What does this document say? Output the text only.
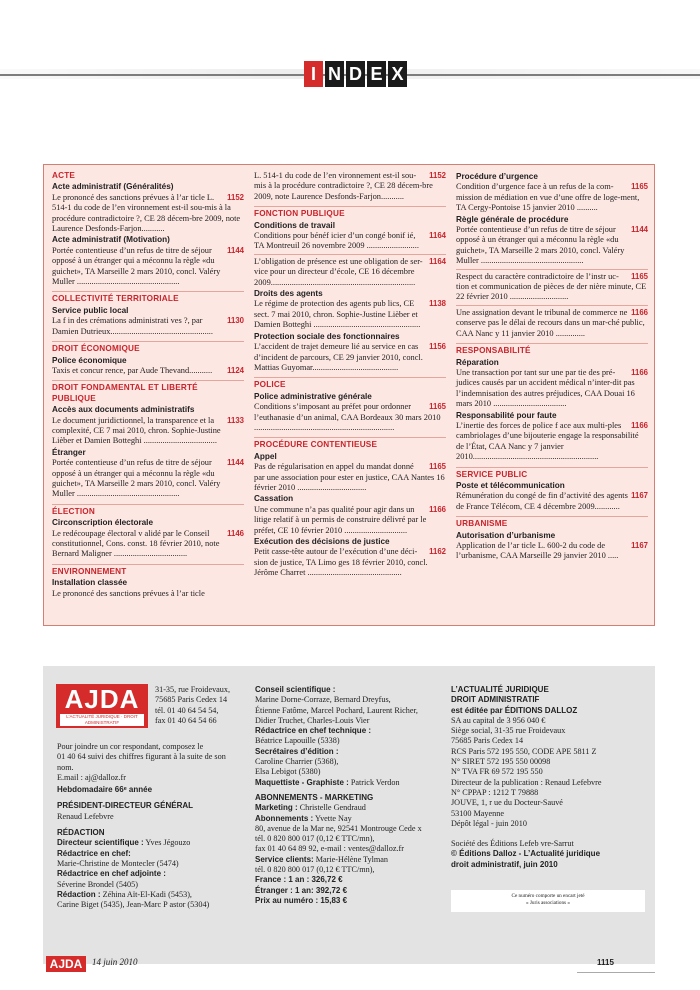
I N D E X
ACTE
Acte administratif (Généralités)
1152
Le prononcé des sanctions prévues à l’ar ticle L. 514-1 du code de l’en vironnement est-il sou-mis à la procédure contradictoire ?, CE 28 décem-bre 2009, note Laurence Desfonds-Farjon...........
Acte administratif (Motivation)
1144
Portée contentieuse d’un refus de titre de séjour opposé à un étranger qui a méconnu la règle «du guichet», TA Marseille 2 mars 2010, concl. Valéry Muller .................................................
COLLECTIVITÉ TERRITORIALE
Service public local
1130
La f in des crémations administrati ves ?, par Damien Dutrieux.................................................
DROIT ÉCONOMIQUE
Police économique
1124
Taxis et concur rence, par Aude Thevand...........
DROIT FONDAMENTAL ET LIBERTÉ PUBLIQUE
Accès aux documents administratifs
1133
Le document juridictionnel, la transparence et la complexité, CE 7 mai 2010, chron. Sophie-Justine Lièber et Damien Botteghi ...................................
Étranger
1144
Portée contentieuse d’un refus de titre de séjour opposé à un étranger qui a méconnu la règle «du guichet», TA Marseille 2 mars 2010, concl. Valéry Muller .................................................
ÉLECTION
Circonscription électorale
1146
Le redécoupage électoral v alidé par le Conseil constitutionnel, Cons. const. 18 février 2010, note Bernard Maligner ...................................
ENVIRONNEMENT
Installation classée
Le prononcé des sanctions prévues à l’ar ticle
1152
L. 514-1 du code de l’en vironnement est-il sou-mis à la procédure contradictoire ?, CE 28 décem-bre 2009, note Laurence Desfonds-Farjon...........
FONCTION PUBLIQUE
Conditions de travail
1164
Conditions pour bénéf icier d’un congé bonif ié, TA Montreuil 26 novembre 2009 .........................
1164
L’obligation de présence est une obligation de ser-vice pour un directeur d’école, CE 16 décembre 2009.....................................................................
Droits des agents
1138
Le régime de protection des agents pub lics, CE sect. 7 mai 2010, chron. Sophie-Justine Lièber et Damien Botteghi ...................................................
Protection sociale des fonctionnaires
1156
L’accident de trajet demeure lié au service en cas d’incident de parcours, CE 29 janvier 2010, concl. Mattias Guyomar.........................................
POLICE
Police administrative générale
1165
Conditions s’imposant au préfet pour ordonner l’euthanasie d’un animal, CAA Bordeaux 30 mars 2010 ...................................................................
PROCÉDURE CONTENTIEUSE
Appel
1165
Pas de régularisation en appel du mandat donné par une association pour ester en justice, CAA Nantes 16 février 2010 .................................
Cassation
1166
Une commune n’a pas qualité pour agir dans un litige relatif à un permis de construire délivré par le préfet, CE 10 février 2010 ..............................
Exécution des décisions de justice
1162
Petit casse-tête autour de l’exécution d’une déci-sion de justice, TA Limo ges 18 février 2010, concl. Jérôme Charret .............................................
Procédure d’urgence
1165
Condition d’urgence face à un refus de la com-mission de médiation en vue d’une offre de loge-ment, TA Cergy-Pontoise 15 janvier 2010 ..........
Règle générale de procédure
1144
Portée contentieuse d’un refus de titre de séjour opposé à un étranger qui a méconnu la règle «du guichet», TA Marseille 2 mars 2010, concl. Valéry Muller .................................................
1165
Respect du caractère contradictoire de l’instr uc-tion et communication de pièces de der nière minute, CE 22 février 2010 ............................
1166
Une assignation devant le tribunal de commerce ne conserve pas le délai de recours dans un mar-ché public, CAA Nanc y 11 janvier 2010 ..............
RESPONSABILITÉ
Réparation
1166
Une transaction por tant sur une par tie des pré-judices causés par un accident médical n’inter-dit pas l’indemnisation des autres préjudices, CAA Douai 16 mars 2010 ...................................
Responsabilité pour faute
1166
L’inertie des forces de police f ace aux multi-ples cambriolages d’une bijouterie engage la responsabilité de l’État, CAA Nanc y 7 janvier 2010............................................................
SERVICE PUBLIC
Poste et télécommunication
1167
Rémunération du congé de fin d’activité des agents de France Télécom, CE 4 décembre 2009............
URBANISME
Autorisation d’urbanisme
1167
Application de l’ar ticle L. 600-2 du code de l’urbanisme, CAA Marseille 29 janvier 2010 .....
AJDA
L’ACTUALITÉ JURIDIQUE · DROIT ADMINISTRATIF
31-35, rue Froidevaux,
75685 Paris Cedex 14
tél. 01 40 64 54 54,
fax 01 40 64 54 66
Pour joindre un cor respondant, composez le
01 40 64 suivi des chiffres figurant à la suite de son
nom.
E.mail : aj@dalloz.fr
Hebdomadaire 66ᵉ année
PRÉSIDENT-DIRECTEUR GÉNÉRAL
Renaud Lefebvre
RÉDACTION
Directeur scientifique : Yves Jégouzo
Rédactrice en chef:
Marie-Christine de Montecler (5474)
Rédactrice en chef adjointe :
Séverine Brondel (5405)
Rédaction : Zéhina Aït-El-Kadi (5453),
Carine Biget (5435), Jean-Marc P astor (5304)
Conseil scientifique :
Marine Dorne-Corraze, Bernard Dreyfus,
Étienne Fatôme, Marcel Pochard, Laurent Richer,
Didier Truchet, Charles-Louis Vier
Rédactrice en chef technique :
Béatrice Lapouille (5338)
Secrétaires d’édition :
Caroline Charrier (5368),
Elsa Lebigot (5380)
Maquettiste - Graphiste : Patrick Verdon
ABONNEMENTS - MARKETING
Marketing : Christelle Gendraud
Abonnements : Yvette Nay
80, avenue de la Mar ne, 92541 Montrouge Cede x
tél. 0 820 800 017 (0,12 € TTC/mn),
fax 01 40 64 89 92, e-mail : ventes@dalloz.fr
Service clients: Marie-Hélène Tylman
tél. 0 820 800 017 (0,12 € TTC/mn),
France : 1 an : 326,72 €
Étranger : 1 an: 392,72 €
Prix au numéro : 15,83 €
L’ACTUALITÉ JURIDIQUE
DROIT ADMINISTRATIF
est éditée par ÉDITIONS DALLOZ
SA au capital de 3 956 040 €
Siège social, 31-35 rue Froidevaux
75685 Paris Cedex 14
RCS Paris 572 195 550, CODE APE 5811 Z
N° SIRET 572 195 550 00098
N° TVA FR 69 572 195 550
Directeur de la publication : Renaud Lefebvre
N° CPPAP : 1212 T 79888
JOUVE, 1, r ue du Docteur-Sauvé
53100 Mayenne
Dépôt légal - juin 2010
Société des Éditions Lefeb vre-Sarrut
© Éditions Dalloz - L’Actualité juridique
droit administratif, juin 2010
Ce numéro comporte un encart jeté
« Juris associations »
AJDA	14 juin 2010	1115
